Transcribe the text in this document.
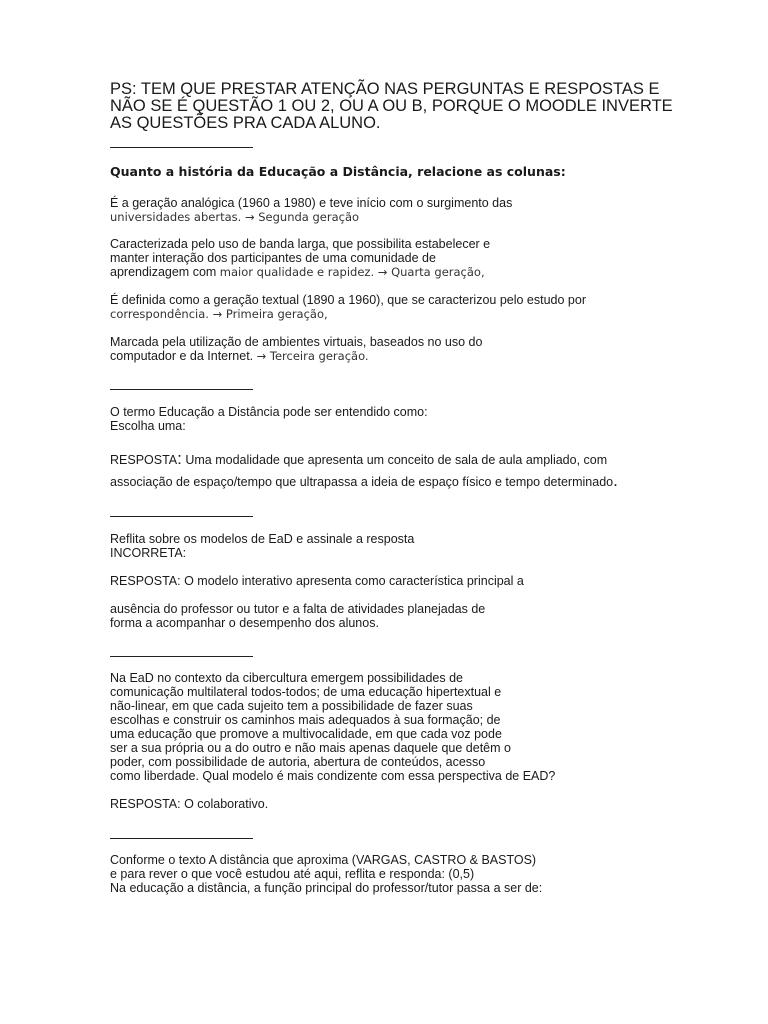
PS: TEM QUE PRESTAR ATENÇÃO NAS PERGUNTAS E RESPOSTAS E
NÃO SE É QUESTÃO 1 OU 2, OU A OU B, PORQUE O MOODLE INVERTE
AS QUESTÕES PRA CADA ALUNO.
Quanto a história da Educação a Distância, relacione as colunas:
É a geração analógica (1960 a 1980) e teve início com o surgimento das
universidades abertas. → Segunda geração
Caracterizada pelo uso de banda larga, que possibilita estabelecer e
manter interação dos participantes de uma comunidade de
aprendizagem com maior qualidade e rapidez. → Quarta geração,
É definida como a geração textual (1890 a 1960), que se caracterizou pelo estudo por
correspondência. → Primeira geração,
Marcada pela utilização de ambientes virtuais, baseados no uso do
computador e da Internet. → Terceira geração.
O termo Educação a Distância pode ser entendido como:
Escolha uma:
RESPOSTA: Uma modalidade que apresenta um conceito de sala de aula ampliado, com
associação de espaço/tempo que ultrapassa a ideia de espaço físico e tempo determinado.
Reflita sobre os modelos de EaD e assinale a resposta
INCORRETA:
RESPOSTA: O modelo interativo apresenta como característica principal a
ausência do professor ou tutor e a falta de atividades planejadas de
forma a acompanhar o desempenho dos alunos.
Na EaD no contexto da cibercultura emergem possibilidades de
comunicação multilateral todos-todos; de uma educação hipertextual e
não-linear, em que cada sujeito tem a possibilidade de fazer suas
escolhas e construir os caminhos mais adequados à sua formação; de
uma educação que promove a multivocalidade, em que cada voz pode
ser a sua própria ou a do outro e não mais apenas daquele que detêm o
poder, com possibilidade de autoria, abertura de conteúdos, acesso
como liberdade. Qual modelo é mais condizente com essa perspectiva de EAD?
RESPOSTA: O colaborativo.
Conforme o texto A distância que aproxima (VARGAS, CASTRO & BASTOS)
e para rever o que você estudou até aqui, reflita e responda: (0,5)
Na educação a distância, a função principal do professor/tutor passa a ser de:
